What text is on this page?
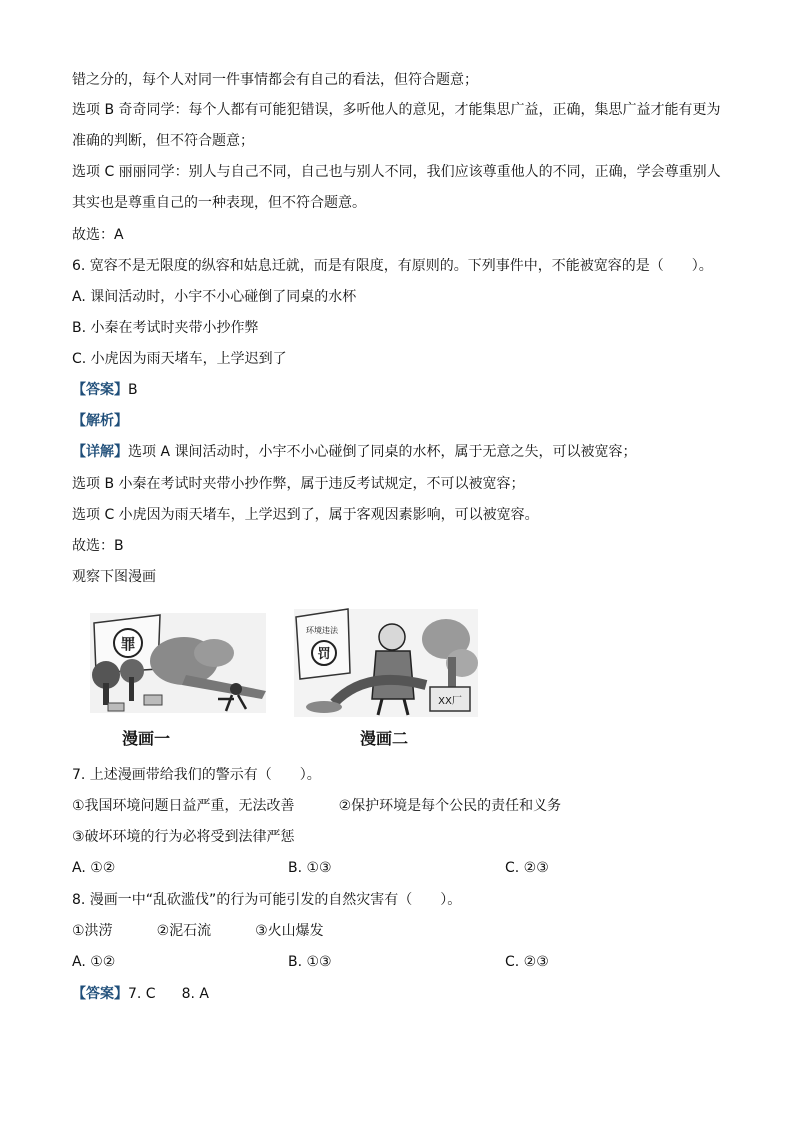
错之分的，每个人对同一件事情都会有自己的看法，但符合题意；
选项 B 奇奇同学：每个人都有可能犯错误，多听他人的意见，才能集思广益，正确，集思广益才能有更为
准确的判断，但不符合题意；
选项 C 丽丽同学：别人与自己不同，自己也与别人不同，我们应该尊重他人的不同，正确，学会尊重别人
其实也是尊重自己的一种表现，但不符合题意。
故选：A
6. 宽容不是无限度的纵容和姑息迁就，而是有限度，有原则的。下列事件中，不能被宽容的是（　　）。
A. 课间活动时，小宇不小心碰倒了同桌的水杯
B. 小秦在考试时夹带小抄作弊
C. 小虎因为雨天堵车，上学迟到了
【答案】B
【解析】
【详解】选项 A 课间活动时，小宇不小心碰倒了同桌的水杯，属于无意之失，可以被宽容；
选项 B 小秦在考试时夹带小抄作弊，属于违反考试规定，不可以被宽容；
选项 C 小虎因为雨天堵车，上学迟到了，属于客观因素影响，可以被宽容。
故选：B
观察下图漫画
罪
XX厂
环境违法
罚
漫画一	漫画二
7. 上述漫画带给我们的警示有（　　）。
①我国环境问题日益严重，无法改善	②保护环境是每个公民的责任和义务
③破坏环境的行为必将受到法律严惩
A. ①②	B. ①③	C. ②③
8. 漫画一中“乱砍滥伐”的行为可能引发的自然灾害有（　　）。
①洪涝	②泥石流	③火山爆发
A. ①②	B. ①③	C. ②③
【答案】7. C 8. A
